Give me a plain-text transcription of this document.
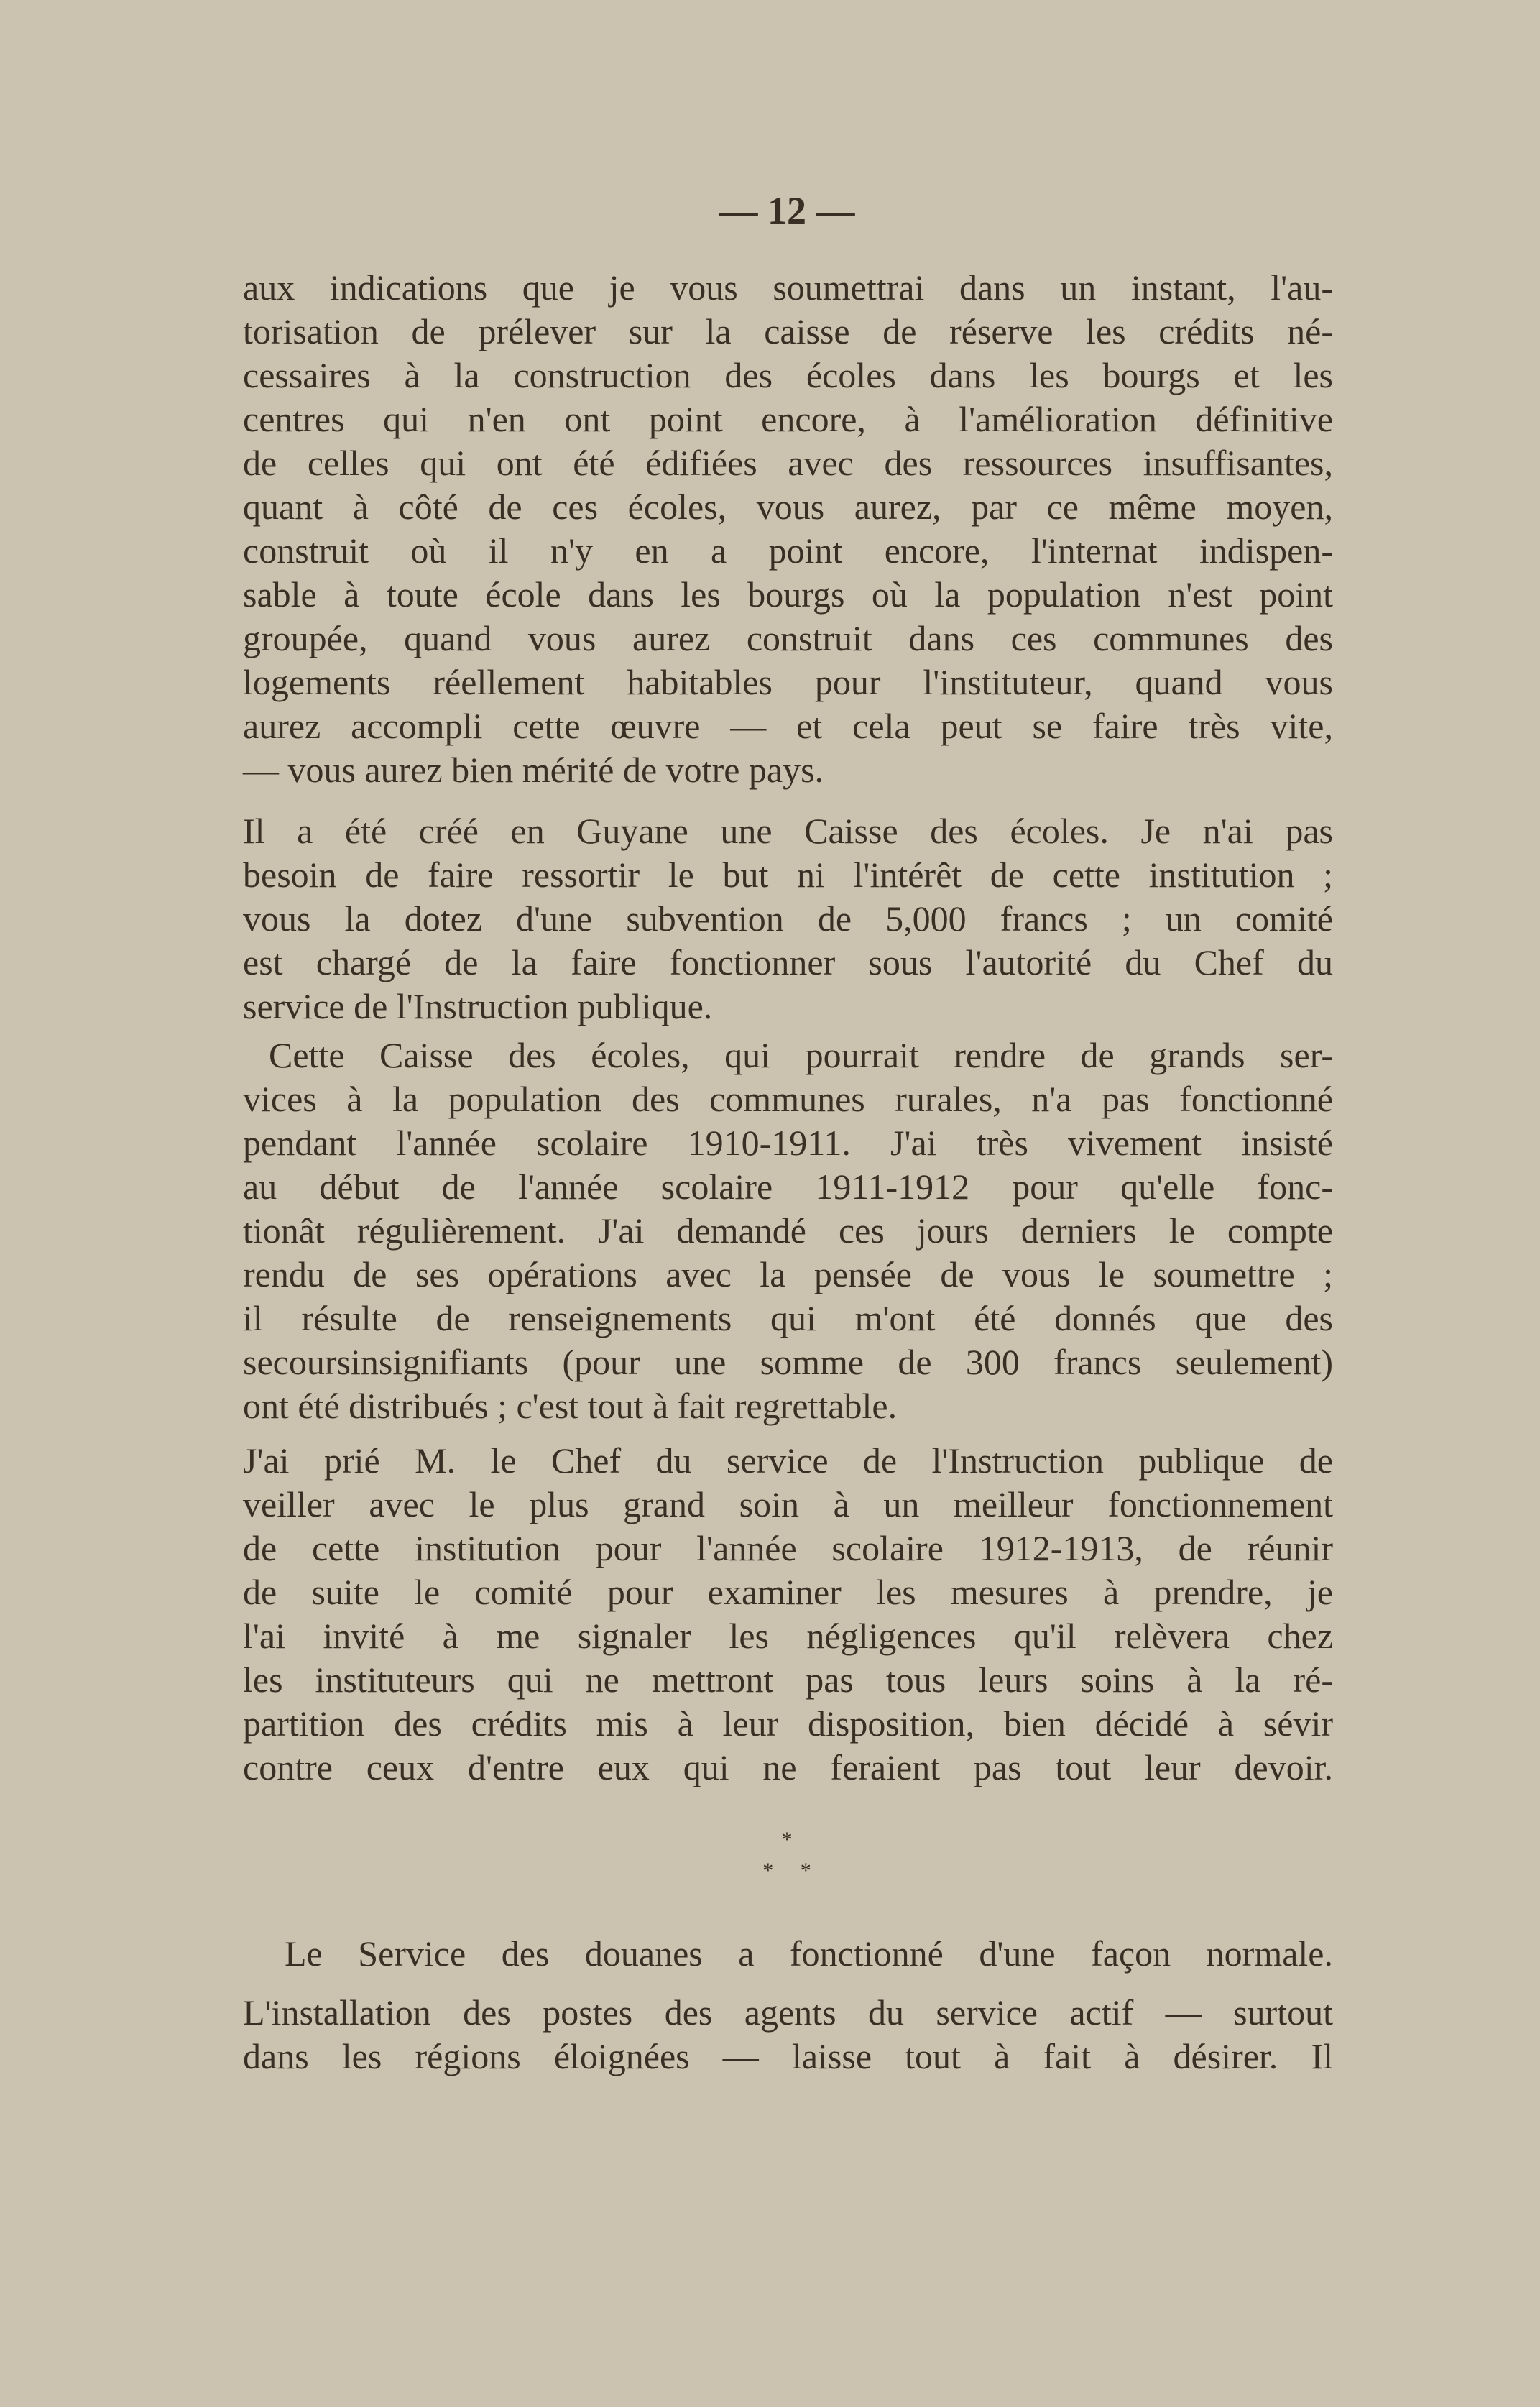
— 12 —
aux indications que je vous soumettrai dans un instant, l'au-
torisation de prélever sur la caisse de réserve les crédits né-
cessaires à la construction des écoles dans les bourgs et les
centres qui n'en ont point encore, à l'amélioration définitive
de celles qui ont été édifiées avec des ressources insuffisantes,
quant à côté de ces écoles, vous aurez, par ce même moyen,
construit où il n'y en a point encore, l'internat indispen-
sable à toute école dans les bourgs où la population n'est point
groupée, quand vous aurez construit dans ces communes des
logements réellement habitables pour l'instituteur, quand vous
aurez accompli cette œuvre — et cela peut se faire très vite,
— vous aurez bien mérité de votre pays.
Il a été créé en Guyane une Caisse des écoles. Je n'ai pas
besoin de faire ressortir le but ni l'intérêt de cette institution ;
vous la dotez d'une subvention de 5,000 francs ; un comité
est chargé de la faire fonctionner sous l'autorité du Chef du
service de l'Instruction publique.
Cette Caisse des écoles, qui pourrait rendre de grands ser-
vices à la population des communes rurales, n'a pas fonctionné
pendant l'année scolaire 1910-1911. J'ai très vivement insisté
au début de l'année scolaire 1911-1912 pour qu'elle fonc-
tionât régulièrement. J'ai demandé ces jours derniers le compte
rendu de ses opérations avec la pensée de vous le soumettre ;
il résulte de renseignements qui m'ont été donnés que des
secoursinsignifiants (pour une somme de 300 francs seulement)
ont été distribués ; c'est tout à fait regrettable.
J'ai prié M. le Chef du service de l'Instruction publique de
veiller avec le plus grand soin à un meilleur fonctionnement
de cette institution pour l'année scolaire 1912-1913, de réunir
de suite le comité pour examiner les mesures à prendre, je
l'ai invité à me signaler les négligences qu'il relèvera chez
les instituteurs qui ne mettront pas tous leurs soins à la ré-
partition des crédits mis à leur disposition, bien décidé à sévir
contre ceux d'entre eux qui ne feraient pas tout leur devoir.
*
*     *
Le Service des douanes a fonctionné d'une façon normale.
L'installation des postes des agents du service actif — surtout
dans les régions éloignées — laisse tout à fait à désirer. Il
